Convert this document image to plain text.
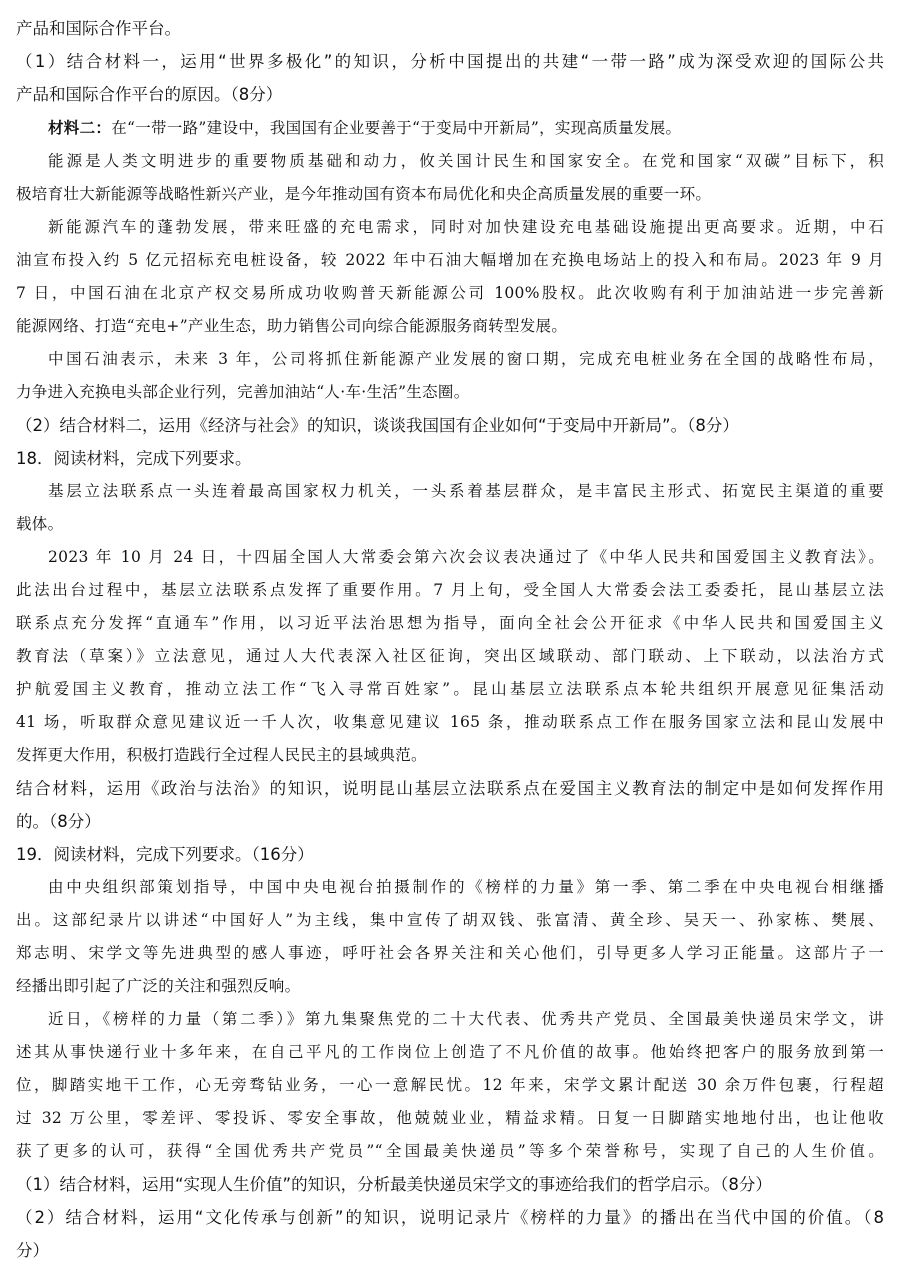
产品和国际合作平台。
（1）结合材料一，运用“世界多极化”的知识，分析中国提出的共建“一带一路”成为深受欢迎的国际公共
产品和国际合作平台的原因。（8分）
材料二：在“一带一路”建设中，我国国有企业要善于“于变局中开新局”，实现高质量发展。
能源是人类文明进步的重要物质基础和动力，攸关国计民生和国家安全。在党和国家“双碳”目标下，积
极培育壮大新能源等战略性新兴产业，是今年推动国有资本布局优化和央企高质量发展的重要一环。
新能源汽车的蓬勃发展，带来旺盛的充电需求，同时对加快建设充电基础设施提出更高要求。近期，中石
油宣布投入约 5 亿元招标充电桩设备，较 2022 年中石油大幅增加在充换电场站上的投入和布局。2023 年 9 月
7 日，中国石油在北京产权交易所成功收购普天新能源公司 100%股权。此次收购有利于加油站进一步完善新
能源网络、打造“充电+”产业生态，助力销售公司向综合能源服务商转型发展。
中国石油表示，未来 3 年，公司将抓住新能源产业发展的窗口期，完成充电桩业务在全国的战略性布局，
力争进入充换电头部企业行列，完善加油站“人·车·生活”生态圈。
（2）结合材料二，运用《经济与社会》的知识，谈谈我国国有企业如何“于变局中开新局”。（8分）
18．阅读材料，完成下列要求。
基层立法联系点一头连着最高国家权力机关，一头系着基层群众，是丰富民主形式、拓宽民主渠道的重要
载体。
2023 年 10 月 24 日，十四届全国人大常委会第六次会议表决通过了《中华人民共和国爱国主义教育法》。
此法出台过程中，基层立法联系点发挥了重要作用。7 月上旬，受全国人大常委会法工委委托，昆山基层立法
联系点充分发挥“直通车”作用，以习近平法治思想为指导，面向全社会公开征求《中华人民共和国爱国主义
教育法（草案）》立法意见，通过人大代表深入社区征询，突出区域联动、部门联动、上下联动，以法治方式
护航爱国主义教育，推动立法工作“飞入寻常百姓家”。昆山基层立法联系点本轮共组织开展意见征集活动
41 场，听取群众意见建议近一千人次，收集意见建议 165 条，推动联系点工作在服务国家立法和昆山发展中
发挥更大作用，积极打造践行全过程人民民主的县域典范。
结合材料，运用《政治与法治》的知识，说明昆山基层立法联系点在爱国主义教育法的制定中是如何发挥作用
的。（8分）
19．阅读材料，完成下列要求。（16分）
由中央组织部策划指导，中国中央电视台拍摄制作的《榜样的力量》第一季、第二季在中央电视台相继播
出。这部纪录片以讲述“中国好人”为主线，集中宣传了胡双钱、张富清、黄全珍、吴天一、孙家栋、樊展、
郑志明、宋学文等先进典型的感人事迹，呼吁社会各界关注和关心他们，引导更多人学习正能量。这部片子一
经播出即引起了广泛的关注和强烈反响。
近日，《榜样的力量（第二季）》第九集聚焦党的二十大代表、优秀共产党员、全国最美快递员宋学文，讲
述其从事快递行业十多年来，在自己平凡的工作岗位上创造了不凡价值的故事。他始终把客户的服务放到第一
位，脚踏实地干工作，心无旁骛钻业务，一心一意解民忧。12 年来，宋学文累计配送 30 余万件包裹，行程超
过 32 万公里，零差评、零投诉、零安全事故，他兢兢业业，精益求精。日复一日脚踏实地地付出，也让他收
获了更多的认可，获得“全国优秀共产党员”“全国最美快递员”等多个荣誉称号，实现了自己的人生价值。
（1）结合材料，运用“实现人生价值”的知识，分析最美快递员宋学文的事迹给我们的哲学启示。（8分）
（2）结合材料，运用“文化传承与创新”的知识，说明记录片《榜样的力量》的播出在当代中国的价值。（8
分）
